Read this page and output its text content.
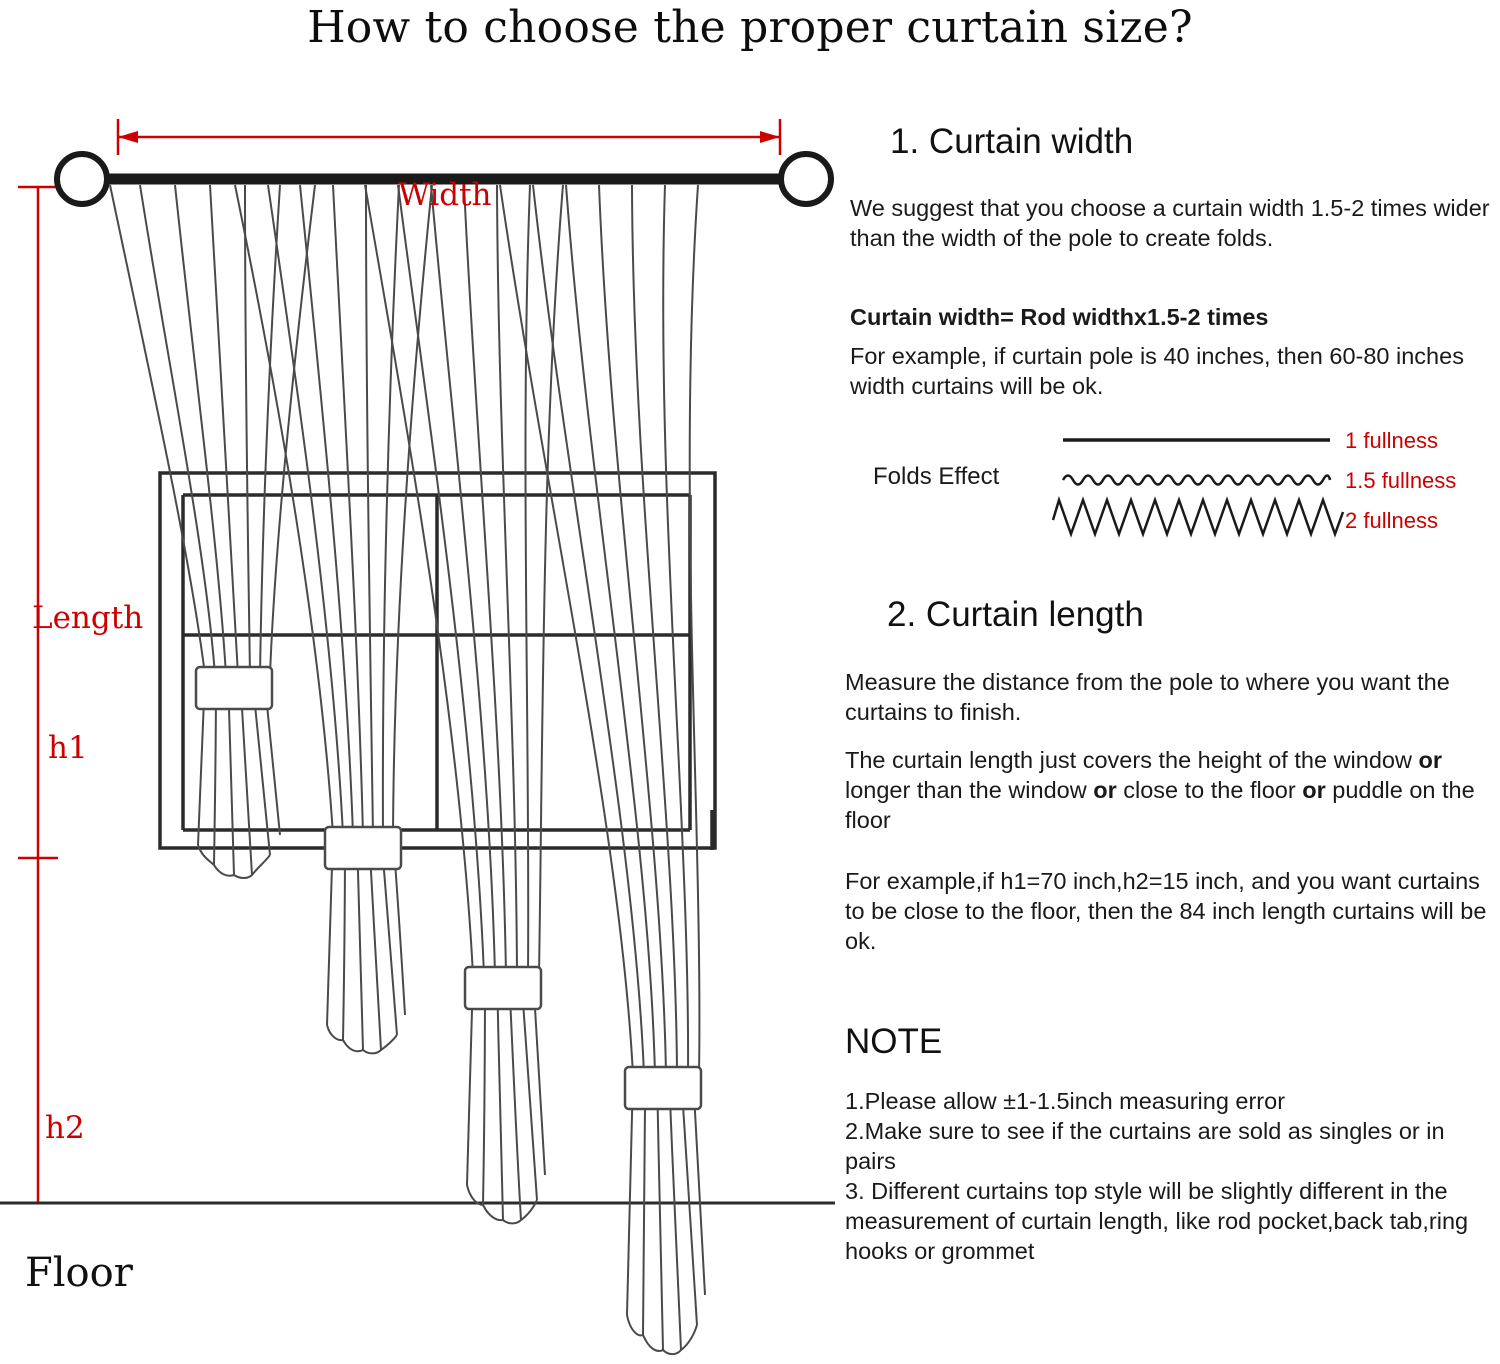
How to choose the proper curtain size?
Width
Length
h1
h2
Floor
1. Curtain width

We suggest that you choose a curtain width 1.5-2 times wider than the width of the pole to create folds.

Curtain width= Rod widthx1.5-2 times

For example, if curtain pole is 40 inches, then 60-80 inches width curtains will be ok.

Folds Effect
1 fullness
1.5 fullness
2 fullness
2. Curtain length

Measure the distance from the pole to where you want the curtains to finish.

The curtain length just covers the height of the window or longer than the window or close to the floor or puddle on the floor

For example,if h1=70 inch,h2=15 inch, and you want curtains to be close to the floor, then the 84 inch length curtains will be ok.

NOTE
1.Please allow ±1-1.5inch measuring error
2.Make sure to see if the curtains are sold as singles or in pairs
3. Different curtains top style will be slightly different in the measurement of curtain length, like rod pocket,back tab,ring hooks or grommet
